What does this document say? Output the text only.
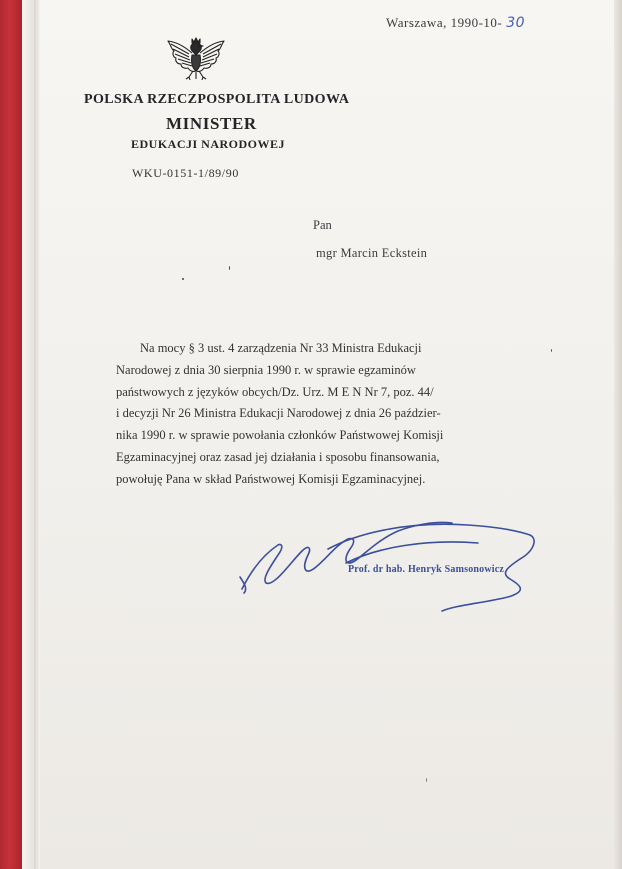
Warszawa, 1990-10- 30
POLSKA RZECZPOSPOLITA LUDOWA
MINISTER
EDUKACJI NARODOWEJ
WKU-0151-1/89/90
Pan
mgr Marcin Eckstein
Na mocy § 3 ust. 4 zarządzenia Nr 33 Ministra Edukacji
Narodowej z dnia 30 sierpnia 1990 r. w sprawie egzaminów
państwowych z języków obcych/Dz. Urz. M E N Nr 7, poz. 44/
i decyzji Nr 26 Ministra Edukacji Narodowej z dnia 26 paździer-
nika 1990 r. w sprawie powołania członków Państwowej Komisji
Egzaminacyjnej oraz zasad jej działania i sposobu finansowania,
powołuję Pana w skład Państwowej Komisji Egzaminacyjnej.
Prof. dr hab. Henryk Samsonowicz
